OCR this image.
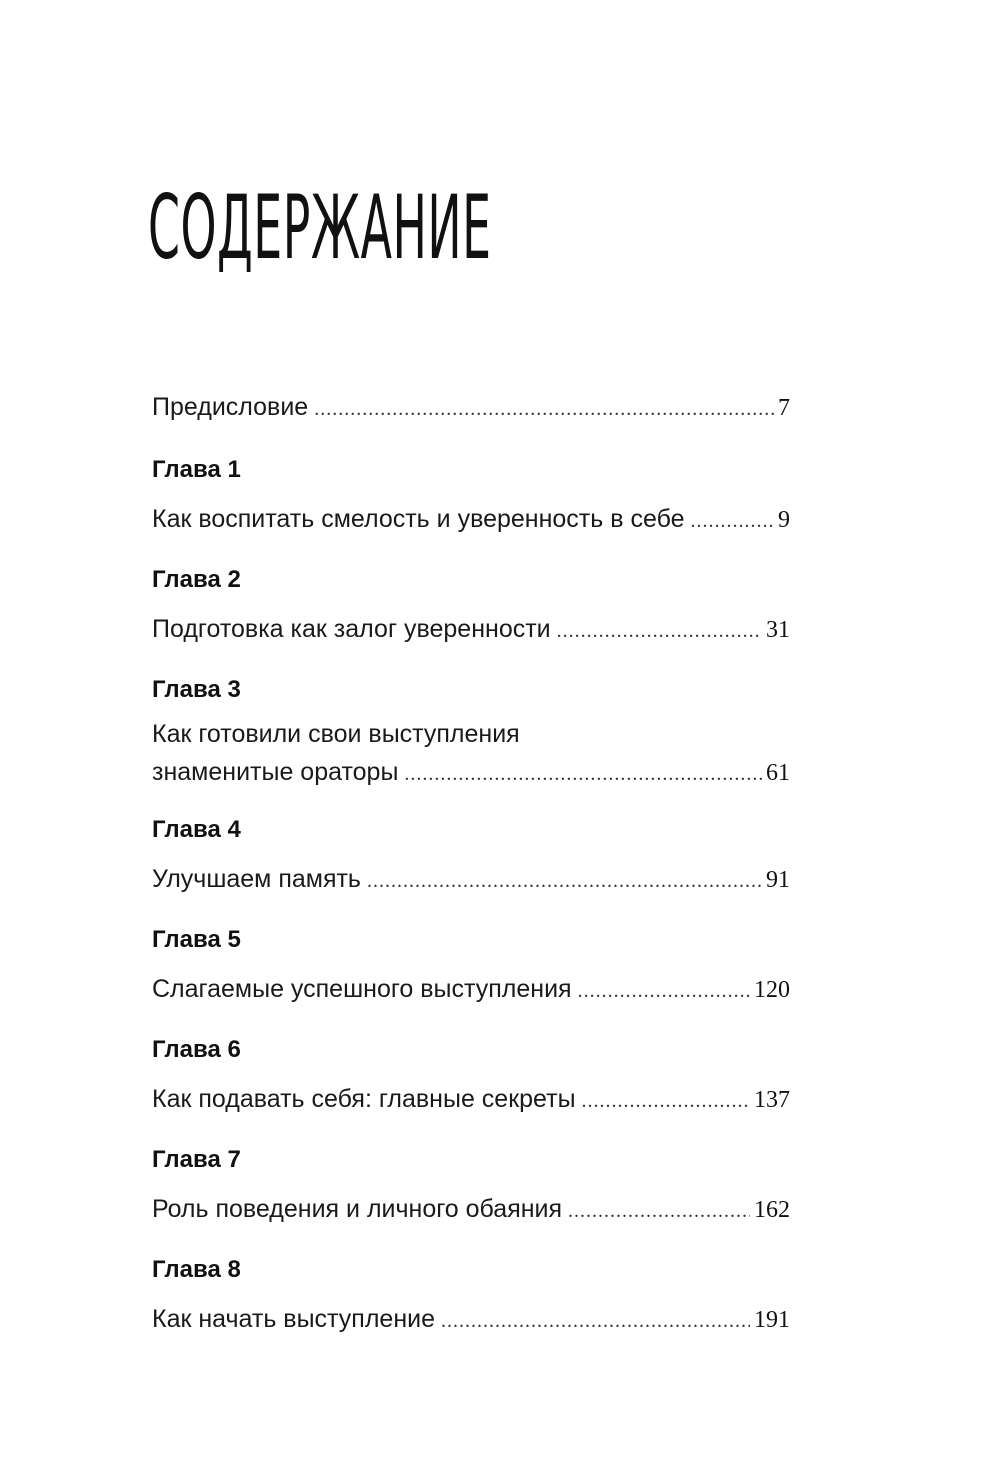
СОДЕРЖАНИЕ
Предисловие .....	7
Глава 1
Как воспитать смелость и уверенность в себе .....	9
Глава 2
Подготовка как залог уверенности .....	31
Глава 3
Как готовили свои выступления
знаменитые ораторы .....	61
Глава 4
Улучшаем память .....	91
Глава 5
Слагаемые успешного выступления .....	120
Глава 6
Как подавать себя: главные секреты .....	137
Глава 7
Роль поведения и личного обаяния .....	162
Глава 8
Как начать выступление .....	191
